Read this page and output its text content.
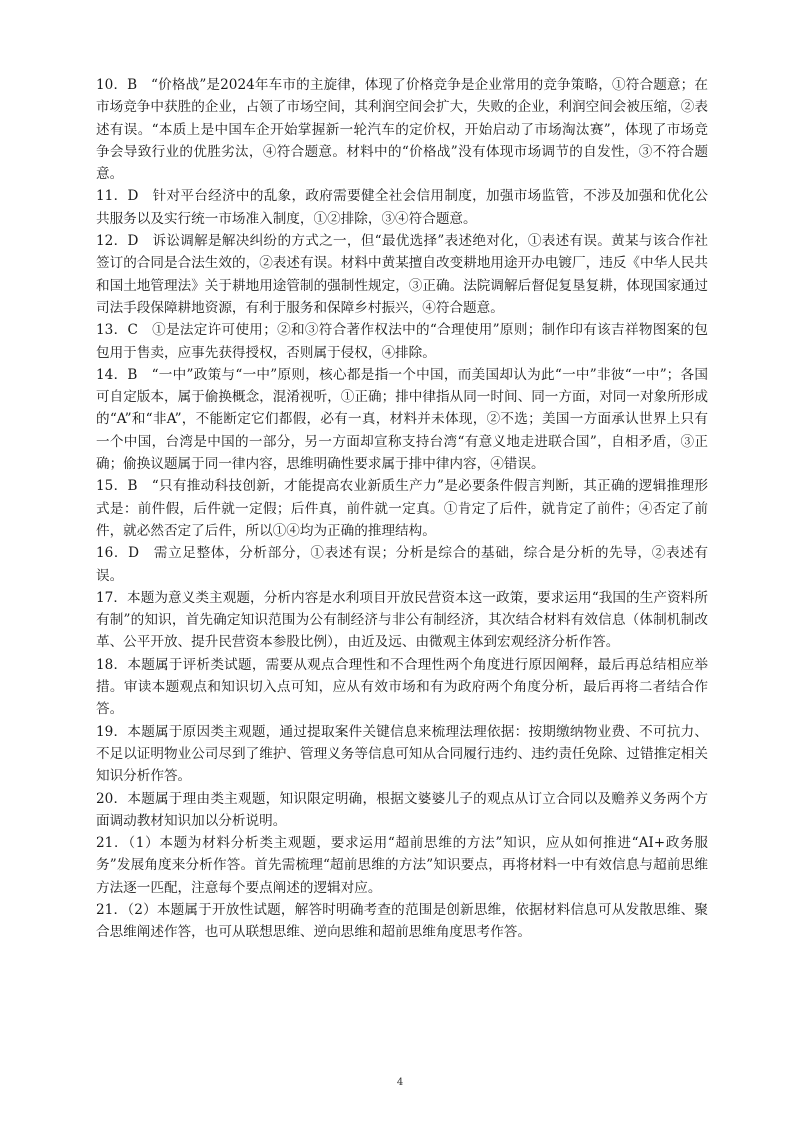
10．B　“价格战”是2024年车市的主旋律，体现了价格竞争是企业常用的竞争策略，①符合题意；在市场竞争中获胜的企业，占领了市场空间，其利润空间会扩大，失败的企业，利润空间会被压缩，②表述有误。“本质上是中国车企开始掌握新一轮汽车的定价权，开始启动了市场淘汰赛”，体现了市场竞争会导致行业的优胜劣汰，④符合题意。材料中的“价格战”没有体现市场调节的自发性，③不符合题意。

11．D　针对平台经济中的乱象，政府需要健全社会信用制度，加强市场监管，不涉及加强和优化公共服务以及实行统一市场准入制度，①②排除，③④符合题意。

12．D　诉讼调解是解决纠纷的方式之一，但“最优选择”表述绝对化，①表述有误。黄某与该合作社签订的合同是合法生效的，②表述有误。材料中黄某擅自改变耕地用途开办电镀厂，违反《中华人民共和国土地管理法》关于耕地用途管制的强制性规定，③正确。法院调解后督促复垦复耕，体现国家通过司法手段保障耕地资源，有利于服务和保障乡村振兴，④符合题意。

13．C　①是法定许可使用；②和③符合著作权法中的“合理使用”原则；制作印有该吉祥物图案的包包用于售卖，应事先获得授权，否则属于侵权，④排除。

14．B　“一中”政策与“一中”原则，核心都是指一个中国，而美国却认为此“一中”非彼“一中”；各国可自定版本，属于偷换概念，混淆视听，①正确；排中律指从同一时间、同一方面，对同一对象所形成的“A”和“非A”，不能断定它们都假，必有一真，材料并未体现，②不选；美国一方面承认世界上只有一个中国，台湾是中国的一部分，另一方面却宣称支持台湾“有意义地走进联合国”，自相矛盾，③正确；偷换议题属于同一律内容，思维明确性要求属于排中律内容，④错误。

15．B　“只有推动科技创新，才能提高农业新质生产力”是必要条件假言判断，其正确的逻辑推理形式是：前件假，后件就一定假；后件真，前件就一定真。①肯定了后件，就肯定了前件；④否定了前件，就必然否定了后件，所以①④均为正确的推理结构。

16．D　需立足整体，分析部分，①表述有误；分析是综合的基础，综合是分析的先导，②表述有误。

17．本题为意义类主观题，分析内容是水利项目开放民营资本这一政策，要求运用“我国的生产资料所有制”的知识，首先确定知识范围为公有制经济与非公有制经济，其次结合材料有效信息（体制机制改革、公平开放、提升民营资本参股比例），由近及远、由微观主体到宏观经济分析作答。

18．本题属于评析类试题，需要从观点合理性和不合理性两个角度进行原因阐释，最后再总结相应举措。审读本题观点和知识切入点可知，应从有效市场和有为政府两个角度分析，最后再将二者结合作答。

19．本题属于原因类主观题，通过提取案件关键信息来梳理法理依据：按期缴纳物业费、不可抗力、不足以证明物业公司尽到了维护、管理义务等信息可知从合同履行违约、违约责任免除、过错推定相关知识分析作答。

20．本题属于理由类主观题，知识限定明确，根据文婆婆儿子的观点从订立合同以及赡养义务两个方面调动教材知识加以分析说明。

21．（1）本题为材料分析类主观题，要求运用“超前思维的方法”知识，应从如何推进“AI+政务服务”发展角度来分析作答。首先需梳理“超前思维的方法”知识要点，再将材料一中有效信息与超前思维方法逐一匹配，注意每个要点阐述的逻辑对应。

21．（2）本题属于开放性试题，解答时明确考查的范围是创新思维，依据材料信息可从发散思维、聚合思维阐述作答，也可从联想思维、逆向思维和超前思维角度思考作答。

4
